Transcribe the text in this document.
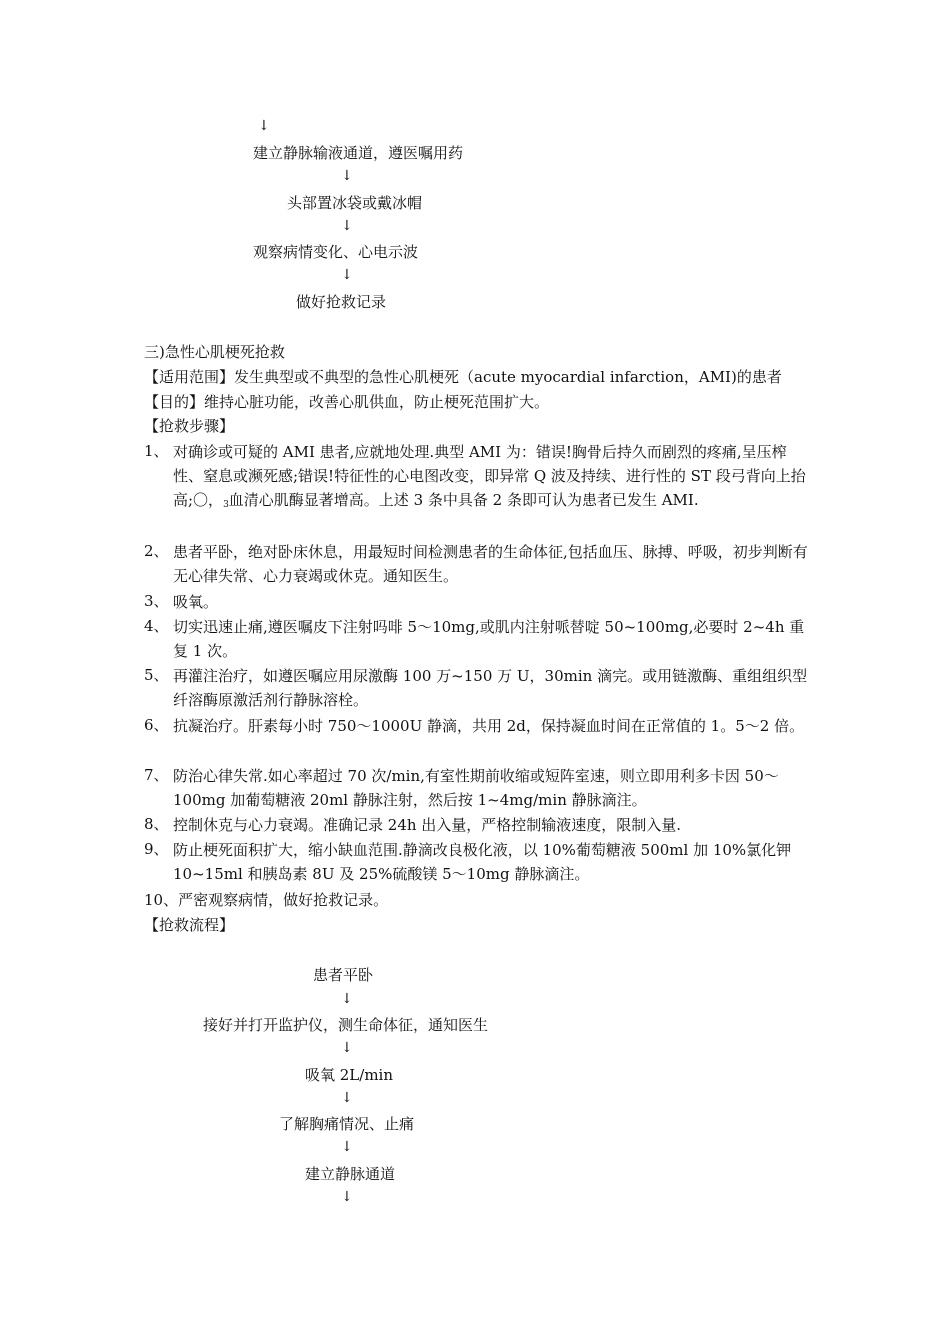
↓
建立静脉输液通道，遵医嘱用药
↓
头部置冰袋或戴冰帽
↓
观察病情变化、心电示波
↓
做好抢救记录
三)急性心肌梗死抢救
【适用范围】发生典型或不典型的急性心肌梗死（acute myocardial infarction，AMI)的患者
【目的】维持心脏功能，改善心肌供血，防止梗死范围扩大。
【抢救步骤】
1、 对确诊或可疑的 AMI 患者,应就地处理.典型 AMI 为：错误!胸骨后持久而剧烈的疼痛,呈压榨性、窒息或濒死感;错误!特征性的心电图改变，即异常 Q 波及持续、进行性的 ST 段弓背向上抬高;〇，$_3$血清心肌酶显著增高。上述 3 条中具备 2 条即可认为患者已发生 AMI.
2、 患者平卧，绝对卧床休息，用最短时间检测患者的生命体征,包括血压、脉搏、呼吸，初步判断有无心律失常、心力衰竭或休克。通知医生。
3、 吸氧。
4、 切实迅速止痛,遵医嘱皮下注射吗啡 5～10mg,或肌内注射哌替啶 50~100mg,必要时 2~4h 重复 1 次。
5、 再灌注治疗，如遵医嘱应用尿激酶 100 万~150 万 U，30min 滴完。或用链激酶、重组组织型纤溶酶原激活剂行静脉溶栓。
6、 抗凝治疗。肝素每小时 750～1000U 静滴，共用 2d，保持凝血时间在正常值的 1。5～2 倍。
7、 防治心律失常.如心率超过 70 次/min,有室性期前收缩或短阵室速，则立即用利多卡因 50～100mg 加葡萄糖液 20ml 静脉注射，然后按 1~4mg/min 静脉滴注。
8、 控制休克与心力衰竭。准确记录 24h 出入量，严格控制输液速度，限制入量.
9、 防止梗死面积扩大，缩小缺血范围.静滴改良极化液，以 10%葡萄糖液 500ml 加 10%氯化钾 10~15ml 和胰岛素 8U 及 25%硫酸镁 5～10mg 静脉滴注。
10、严密观察病情，做好抢救记录。
【抢救流程】
患者平卧
↓
接好并打开监护仪，测生命体征，通知医生
↓
吸氧 2L/min
↓
了解胸痛情况、止痛
↓
建立静脉通道
↓
